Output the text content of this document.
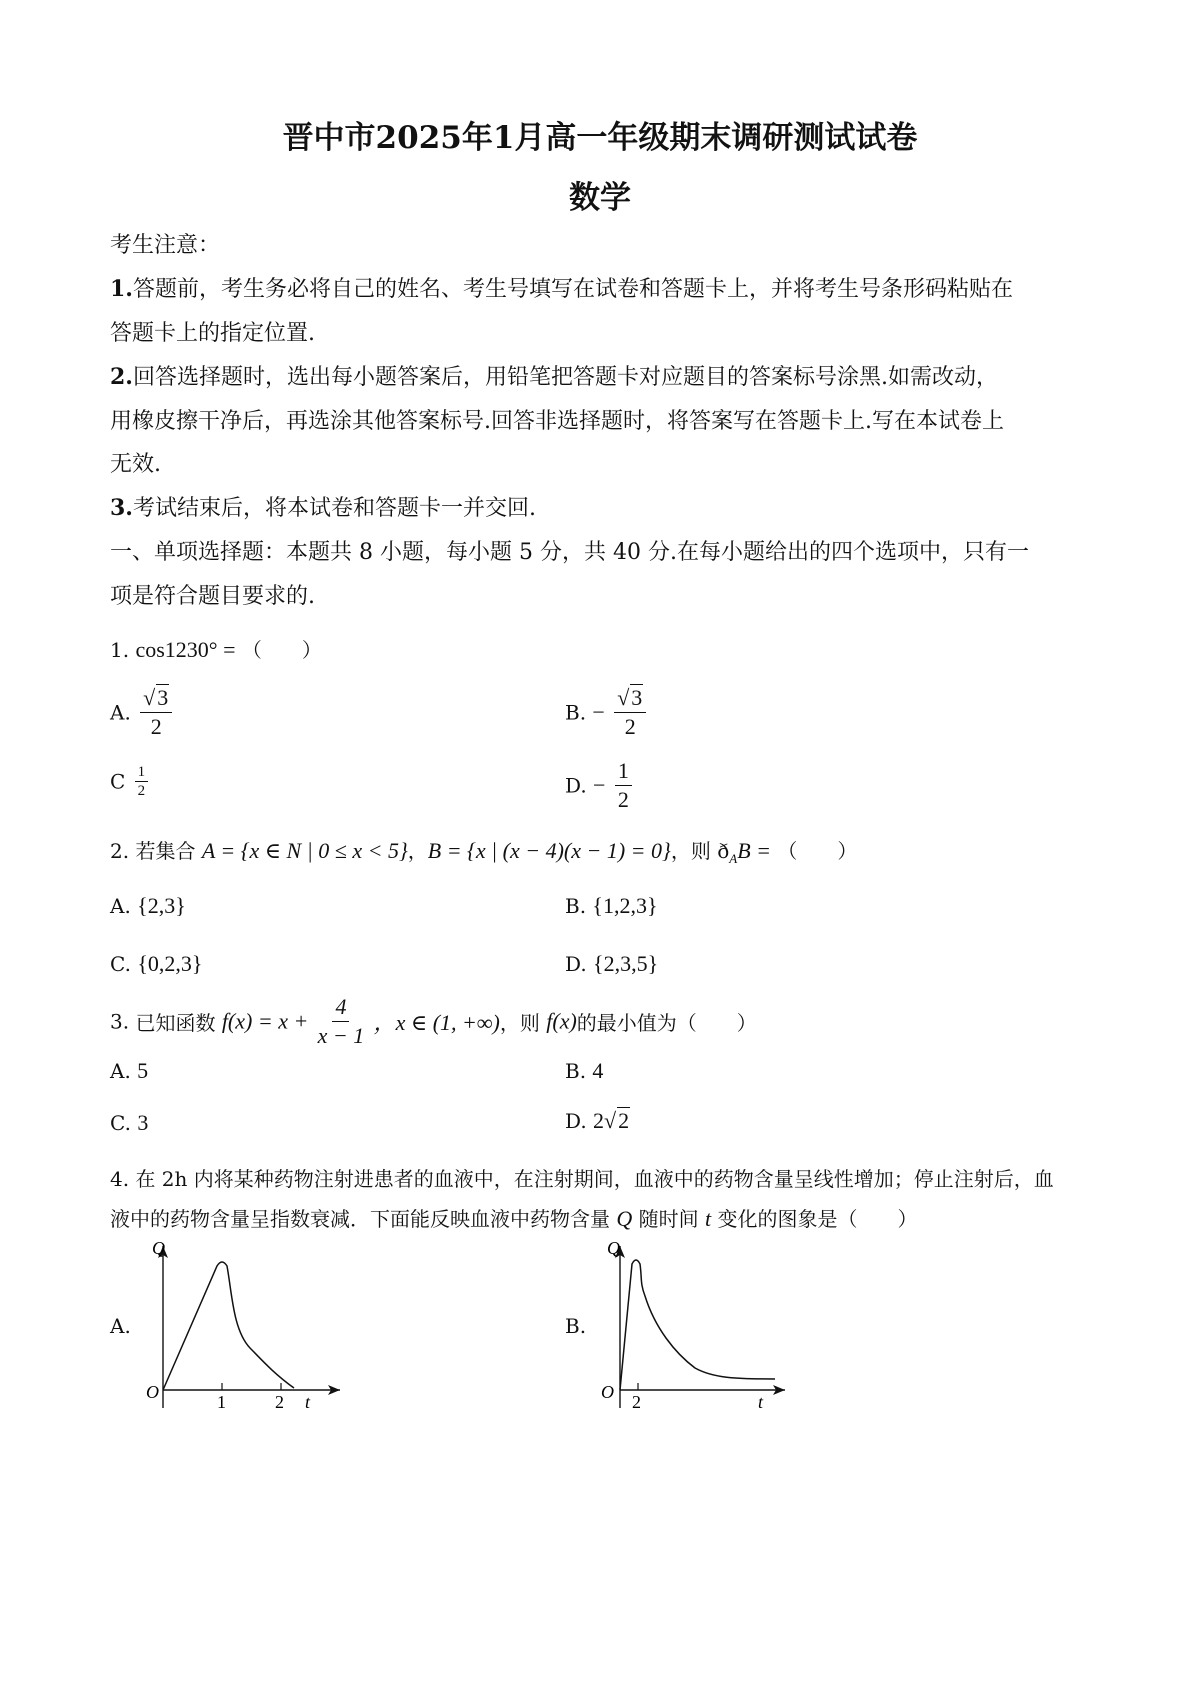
晋中市2025年1月高一年级期末调研测试试卷
数学
考生注意：
1.答题前，考生务必将自己的姓名、考生号填写在试卷和答题卡上，并将考生号条形码粘贴在
答题卡上的指定位置.
2.回答选择题时，选出每小题答案后，用铅笔把答题卡对应题目的答案标号涂黑.如需改动，
用橡皮擦干净后，再选涂其他答案标号.回答非选择题时，将答案写在答题卡上.写在本试卷上
无效.
3.考试结束后，将本试卷和答题卡一并交回.
一、单项选择题：本题共 8 小题，每小题 5 分，共 40 分.在每小题给出的四个选项中，只有一
项是符合题目要求的.
1. cos1230° = （　　）
A. $\frac{√3}{2}$	B. − $\frac{√3}{2}$
C $\frac{1}{2}$	D. − $\frac{1}{2}$
2. 若集合 A = {x ∈ N | 0 ≤ x < 5}，B = {x | (x − 4)(x − 1) = 0}，则 $ð_AB$ = （　　）
A. {2,3}	B. {1,2,3}
C. {0,2,3}	D. {2,3,5}
3. 已知函数 $f(x) = x + \frac{4}{x - 1}$ ，x ∈ (1, +∞)，则 f(x)的最小值为（　　）
A. 5	B. 4
C. 3	D. 2√2
4. 在 2h 内将某种药物注射进患者的血液中，在注射期间，血液中的药物含量呈线性增加；停止注射后，血
液中的药物含量呈指数衰减．下面能反映血液中药物含量 Q 随时间 t 变化的图象是（　　）
A.	B.
Q
O	1	2 t
Q
O 2	t
